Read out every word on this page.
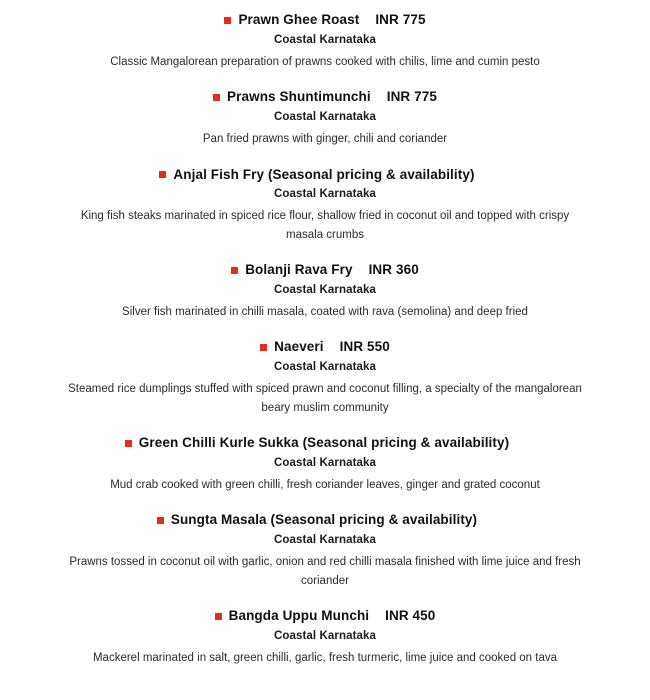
Prawn Ghee Roast INR 775
Coastal Karnataka
Classic Mangalorean preparation of prawns cooked with chilis, lime and cumin pesto
Prawns Shuntimunchi INR 775
Coastal Karnataka
Pan fried prawns with ginger, chili and coriander
Anjal Fish Fry (Seasonal pricing & availability)
Coastal Karnataka
King fish steaks marinated in spiced rice flour, shallow fried in coconut oil and topped with crispy masala crumbs
Bolanji Rava Fry INR 360
Coastal Karnataka
Silver fish marinated in chilli masala, coated with rava (semolina) and deep fried
Naeveri INR 550
Coastal Karnataka
Steamed rice dumplings stuffed with spiced prawn and coconut filling, a specialty of the mangalorean beary muslim community
Green Chilli Kurle Sukka (Seasonal pricing & availability)
Coastal Karnataka
Mud crab cooked with green chilli, fresh coriander leaves, ginger and grated coconut
Sungta Masala (Seasonal pricing & availability)
Coastal Karnataka
Prawns tossed in coconut oil with garlic, onion and red chilli masala finished with lime juice and fresh coriander
Bangda Uppu Munchi INR 450
Coastal Karnataka
Mackerel marinated in salt, green chilli, garlic, fresh turmeric, lime juice and cooked on tava
